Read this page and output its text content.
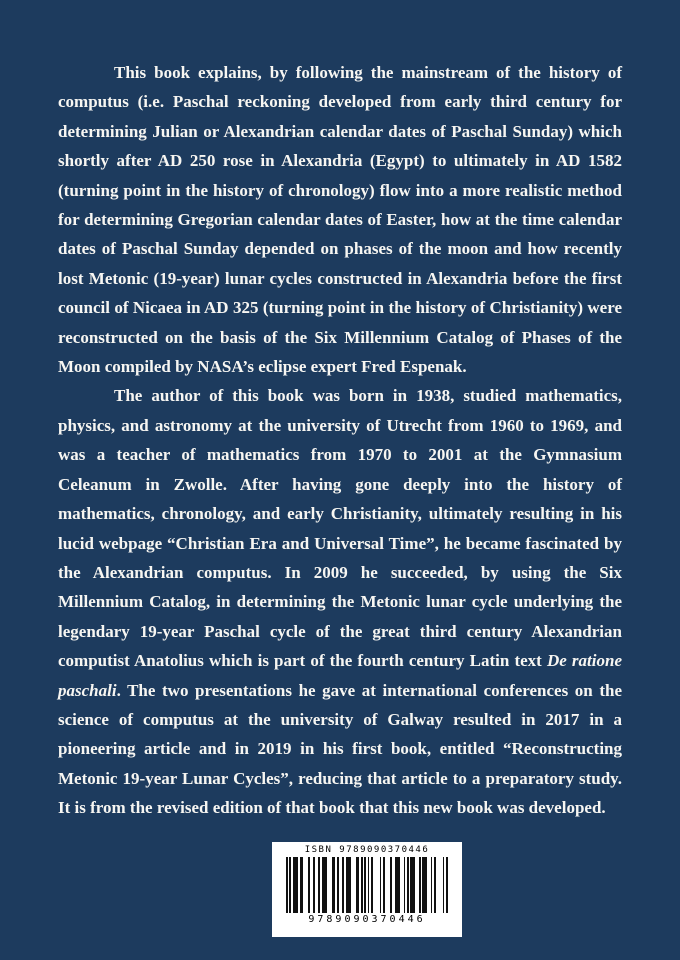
This book explains, by following the mainstream of the history of computus (i.e. Paschal reckoning developed from early third century for determining Julian or Alexandrian calendar dates of Paschal Sunday) which shortly after AD 250 rose in Alexandria (Egypt) to ultimately in AD 1582 (turning point in the history of chronology) flow into a more realistic method for determining Gregorian calendar dates of Easter, how at the time calendar dates of Paschal Sunday depended on phases of the moon and how recently lost Metonic (19-year) lunar cycles constructed in Alexandria before the first council of Nicaea in AD 325 (turning point in the history of Christianity) were reconstructed on the basis of the Six Millennium Catalog of Phases of the Moon compiled by NASA’s eclipse expert Fred Espenak.

The author of this book was born in 1938, studied mathematics, physics, and astronomy at the university of Utrecht from 1960 to 1969, and was a teacher of mathematics from 1970 to 2001 at the Gymnasium Celeanum in Zwolle. After having gone deeply into the history of mathematics, chronology, and early Christianity, ultimately resulting in his lucid webpage “Christian Era and Universal Time”, he became fascinated by the Alexandrian computus. In 2009 he succeeded, by using the Six Millennium Catalog, in determining the Metonic lunar cycle underlying the legendary 19-year Paschal cycle of the great third century Alexandrian computist Anatolius which is part of the fourth century Latin text De ratione paschali. The two presentations he gave at international conferences on the science of computus at the university of Galway resulted in 2017 in a pioneering article and in 2019 in his first book, entitled “Reconstructing Metonic 19-year Lunar Cycles”, reducing that article to a preparatory study. It is from the revised edition of that book that this new book was developed.

ISBN 9789090370446
9789090370446
